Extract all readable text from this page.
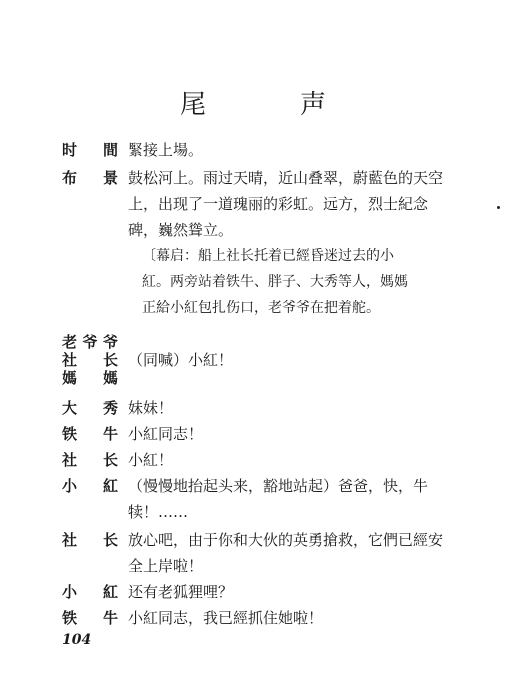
尾　声
时　間 緊接上場。
布　景 鼓松河上。雨过天晴，近山叠翠，蔚藍色的天空
上，出现了一道瑰丽的彩虹。远方，烈士紀念
碑，巍然聳立。
〔幕启：船上社长托着已經昏迷过去的小
紅。两旁站着铁牛、胖子、大秀等人，媽媽
正給小紅包扎伤口，老爷爷在把着舵。
老爷爷
社　长 （同喊）小紅！
媽　媽
大　秀 妹妹！
铁　牛 小紅同志！
社　长 小紅！
小　紅 （慢慢地抬起头来，豁地站起）爸爸，快，牛
犊！……
社　长 放心吧，由于你和大伙的英勇搶救，它們已經安
全上岸啦！
小　紅 还有老狐狸哩？
铁　牛 小紅同志，我已經抓住她啦！
104
